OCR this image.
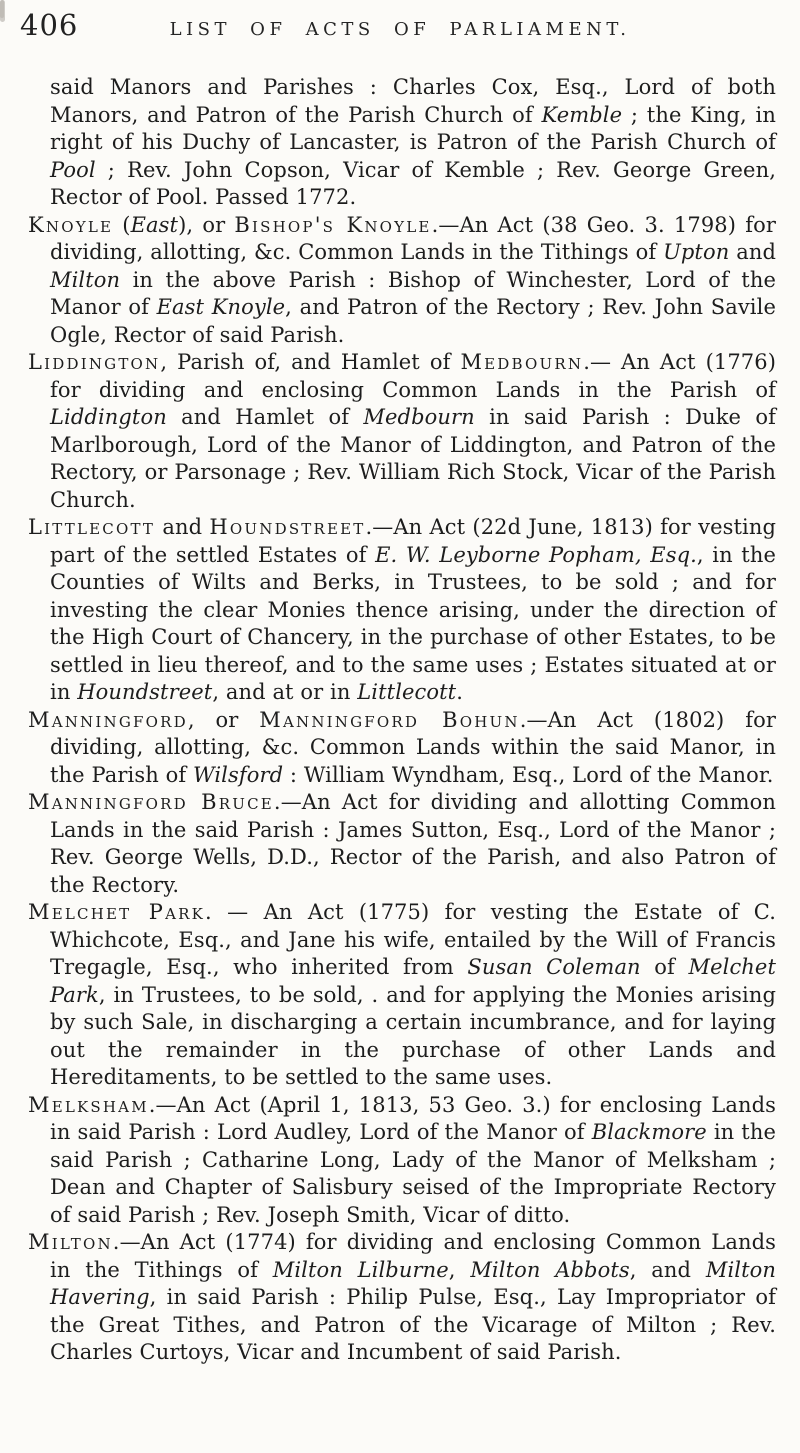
406	LIST OF ACTS OF PARLIAMENT.

said Manors and Parishes : Charles Cox, Esq., Lord of both Manors, and Patron of the Parish Church of Kemble ; the King, in right of his Duchy of Lancaster, is Patron of the Parish Church of Pool ; Rev. John Copson, Vicar of Kemble ; Rev. George Green, Rector of Pool. Passed 1772.

Knoyle (East), or Bishop's Knoyle.—An Act (38 Geo. 3. 1798) for dividing, allotting, &c. Common Lands in the Tithings of Upton and Milton in the above Parish : Bishop of Winchester, Lord of the Manor of East Knoyle, and Patron of the Rectory ; Rev. John Savile Ogle, Rector of said Parish.

Liddington, Parish of, and Hamlet of Medbourn.— An Act (1776) for dividing and enclosing Common Lands in the Parish of Liddington and Hamlet of Medbourn in said Parish : Duke of Marlborough, Lord of the Manor of Liddington, and Patron of the Rectory, or Parsonage ; Rev. William Rich Stock, Vicar of the Parish Church.

Littlecott and Houndstreet.—An Act (22d June, 1813) for vesting part of the settled Estates of E. W. Leyborne Popham, Esq., in the Counties of Wilts and Berks, in Trustees, to be sold ; and for investing the clear Monies thence arising, under the direction of the High Court of Chancery, in the purchase of other Estates, to be settled in lieu thereof, and to the same uses ; Estates situated at or in Houndstreet, and at or in Littlecott.

Manningford, or Manningford Bohun.—An Act (1802) for dividing, allotting, &c. Common Lands within the said Manor, in the Parish of Wilsford : William Wyndham, Esq., Lord of the Manor.

Manningford Bruce.—An Act for dividing and allotting Common Lands in the said Parish : James Sutton, Esq., Lord of the Manor ; Rev. George Wells, D.D., Rector of the Parish, and also Patron of the Rectory.

Melchet Park. — An Act (1775) for vesting the Estate of C. Whichcote, Esq., and Jane his wife, entailed by the Will of Francis Tregagle, Esq., who inherited from Susan Coleman of Melchet Park, in Trustees, to be sold, . and for applying the Monies arising by such Sale, in discharging a certain incumbrance, and for laying out the remainder in the purchase of other Lands and Hereditaments, to be settled to the same uses.

Melksham.—An Act (April 1, 1813, 53 Geo. 3.) for enclosing Lands in said Parish : Lord Audley, Lord of the Manor of Blackmore in the said Parish ; Catharine Long, Lady of the Manor of Melksham ; Dean and Chapter of Salisbury seised of the Impropriate Rectory of said Parish ; Rev. Joseph Smith, Vicar of ditto.

Milton.—An Act (1774) for dividing and enclosing Common Lands in the Tithings of Milton Lilburne, Milton Abbots, and Milton Havering, in said Parish : Philip Pulse, Esq., Lay Impropriator of the Great Tithes, and Patron of the Vicarage of Milton ; Rev. Charles Curtoys, Vicar and Incumbent of said Parish.
